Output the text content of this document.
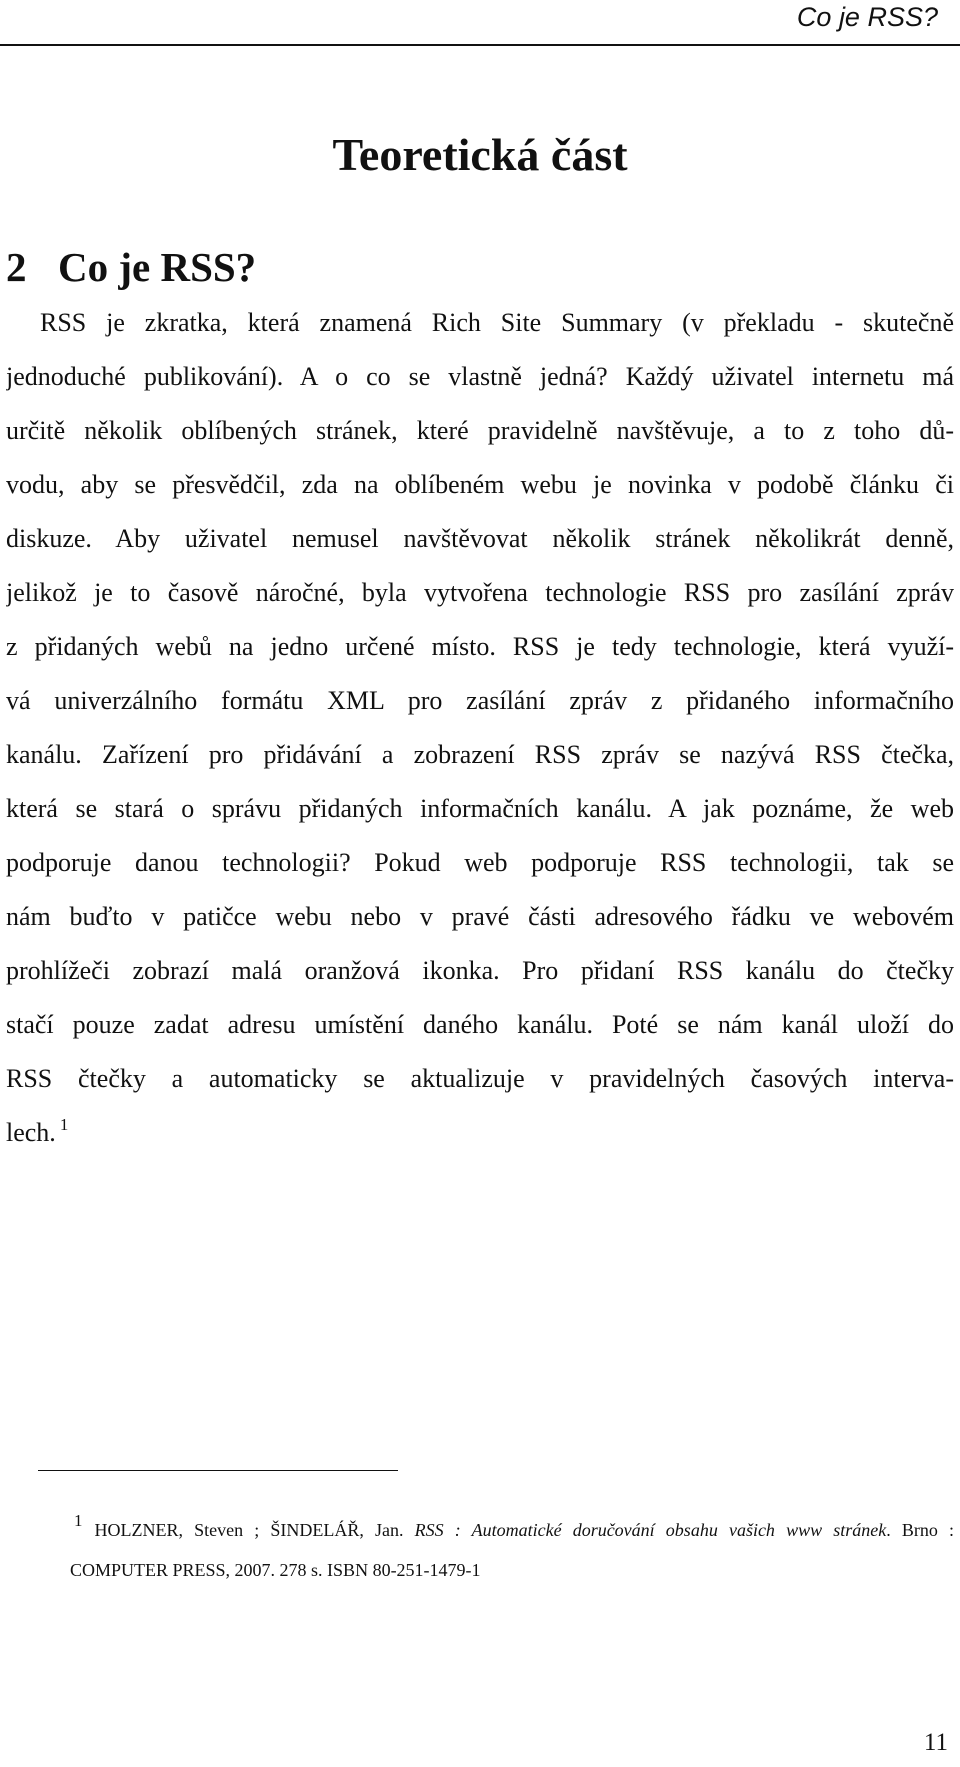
Co je RSS?
Teoretická část
2 Co je RSS?
RSS je zkratka, která znamená Rich Site Summary (v překladu - skutečně
jednoduché publikování). A o co se vlastně jedná? Každý uživatel internetu má
určitě několik oblíbených stránek, které pravidelně navštěvuje, a to z toho dů-
vodu, aby se přesvědčil, zda na oblíbeném webu je novinka v podobě článku či
diskuze. Aby uživatel nemusel navštěvovat několik stránek několikrát denně,
jelikož je to časově náročné, byla vytvořena technologie RSS pro zasílání zpráv
z přidaných webů na jedno určené místo. RSS je tedy technologie, která využí-
vá univerzálního formátu XML pro zasílání zpráv z přidaného informačního
kanálu. Zařízení pro přidávání a zobrazení RSS zpráv se nazývá RSS čtečka,
která se stará o správu přidaných informačních kanálu. A jak poznáme, že web
podporuje danou technologii? Pokud web podporuje RSS technologii, tak se
nám buďto v patičce webu nebo v pravé části adresového řádku ve webovém
prohlížeči zobrazí malá oranžová ikonka. Pro přidaní RSS kanálu do čtečky
stačí pouze zadat adresu umístění daného kanálu. Poté se nám kanál uloží do
RSS čtečky a automaticky se aktualizuje v pravidelných časových interva-
lech. $^1$
1 HOLZNER, Steven ; ŠINDELÁŘ, Jan. RSS : Automatické doručování obsahu vašich www stránek. Brno :
COMPUTER PRESS, 2007. 278 s. ISBN 80-251-1479-1
11
